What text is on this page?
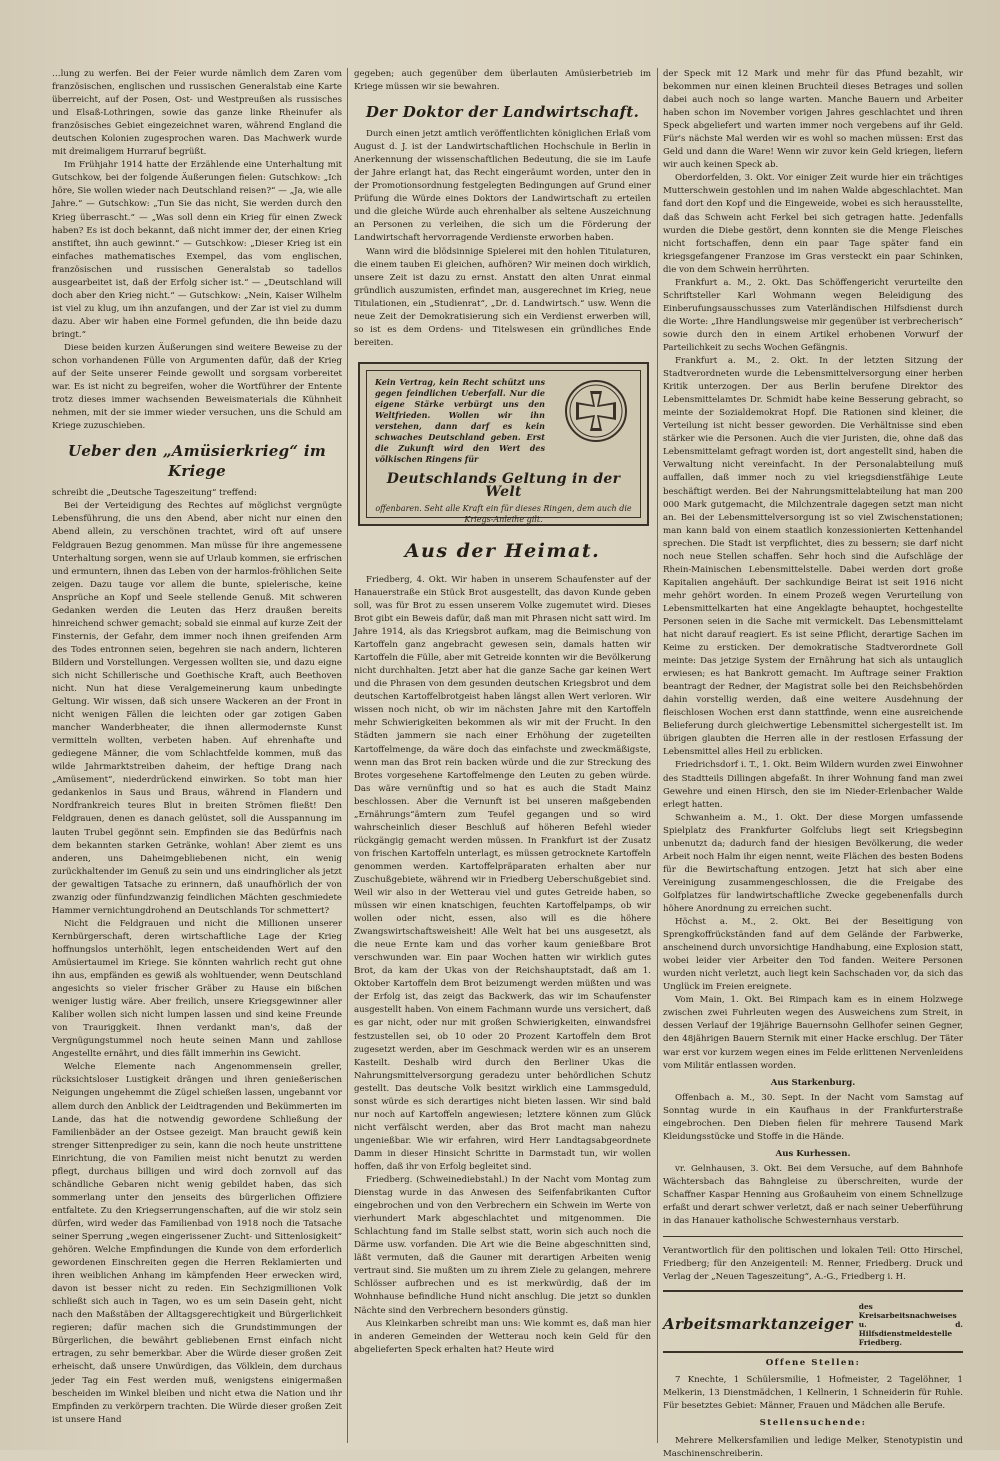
…lung zu werfen. Bei der Feier wurde nämlich dem Zaren vom französischen, englischen und russischen Generalstab eine Karte überreicht, auf der Posen, Ost- und Westpreußen als russisches und Elsaß-Lothringen, sowie das ganze linke Rheinufer als französisches Gebiet eingezeichnet waren, während England die deutschen Kolonien zugesprochen waren. Das Machwerk wurde mit dreimaligem Hurraruf begrüßt.

Im Frühjahr 1914 hatte der Erzählende eine Unterhaltung mit Gutschkow, bei der folgende Äußerungen fielen: Gutschkow: „Ich höre, Sie wollen wieder nach Deutschland reisen?“ — „Ja, wie alle Jahre.“ — Gutschkow: „Tun Sie das nicht, Sie werden durch den Krieg überrascht.“ — „Was soll denn ein Krieg für einen Zweck haben? Es ist doch bekannt, daß nicht immer der, der einen Krieg anstiftet, ihn auch gewinnt.“ — Gutschkow: „Dieser Krieg ist ein einfaches mathematisches Exempel, das vom englischen, französischen und russischen Generalstab so tadellos ausgearbeitet ist, daß der Erfolg sicher ist.“ — „Deutschland will doch aber den Krieg nicht.“ — Gutschkow: „Nein, Kaiser Wilhelm ist viel zu klug, um ihn anzufangen, und der Zar ist viel zu dumm dazu. Aber wir haben eine Formel gefunden, die ihn beide dazu bringt.“

Diese beiden kurzen Äußerungen sind weitere Beweise zu der schon vorhandenen Fülle von Argumenten dafür, daß der Krieg auf der Seite unserer Feinde gewollt und sorgsam vorbereitet war. Es ist nicht zu begreifen, woher die Wortführer der Entente trotz dieses immer wachsenden Beweismaterials die Kühnheit nehmen, mit der sie immer wieder versuchen, uns die Schuld am Kriege zuzuschieben.

Ueber den „Amüsierkrieg“ im Kriege

schreibt die „Deutsche Tageszeitung“ treffend:

Bei der Verteidigung des Rechtes auf möglichst vergnügte Lebensführung, die uns den Abend, aber nicht nur einen den Abend allein, zu verschönen trachtet, wird oft auf unsere Feldgrauen Bezug genommen. Man müsse für ihre angemessene Unterhaltung sorgen, wenn sie auf Urlaub kommen, sie erfrischen und ermuntern, ihnen das Leben von der harmlos-fröhlichen Seite zeigen. Dazu tauge vor allem die bunte, spielerische, keine Ansprüche an Kopf und Seele stellende Genuß. Mit schweren Gedanken werden die Leuten das Herz draußen bereits hinreichend schwer gemacht; sobald sie einmal auf kurze Zeit der Finsternis, der Gefahr, dem immer noch ihnen greifenden Arm des Todes entronnen seien, begehren sie nach andern, lichteren Bildern und Vorstellungen. Vergessen wollten sie, und dazu eigne sich nicht Schillerische und Goethische Kraft, auch Beethoven nicht. Nun hat diese Veralgemeinerung kaum unbedingte Geltung. Wir wissen, daß sich unsere Wackeren an der Front in nicht wenigen Fällen die leichten oder gar zotigen Gaben mancher Wanderbheater, die ihnen allermodernste Kunst vermitteln wollten, verbeten haben. Auf ehrenhafte und gediegene Männer, die vom Schlachtfelde kommen, muß das wilde Jahrmarktstreiben daheim, der heftige Drang nach „Amüsement“, niederdrückend einwirken. So tobt man hier gedankenlos in Saus und Braus, während in Flandern und Nordfrankreich teures Blut in breiten Strömen fließt! Den Feldgrauen, denen es danach gelüstet, soll die Ausspannung im lauten Trubel gegönnt sein. Empfinden sie das Bedürfnis nach dem bekannten starken Getränke, wohlan! Aber ziemt es uns anderen, uns Daheimgebliebenen nicht, ein wenig zurückhaltender im Genuß zu sein und uns eindringlicher als jetzt der gewaltigen Tatsache zu erinnern, daß unaufhörlich der von zwanzig oder fünfundzwanzig feindlichen Mächten geschmiedete Hammer vernichtungdrohend an Deutschlands Tor schmettert?

Nicht die Feldgrauen und nicht die Millionen unserer Kernbürgerschaft, deren wirtschaftliche Lage der Krieg hoffnungslos unterhöhlt, legen entscheidenden Wert auf den Amüsiertaumel im Kriege. Sie könnten wahrlich recht gut ohne ihn aus, empfänden es gewiß als wohltuender, wenn Deutschland angesichts so vieler frischer Gräber zu Hause ein bißchen weniger lustig wäre. Aber freilich, unsere Kriegsgewinner aller Kaliber wollen sich nicht lumpen lassen und sind keine Freunde von Trauriggkeit. Ihnen verdankt man's, daß der Vergnügungstummel noch heute seinen Mann und zahllose Angestellte ernährt, und dies fällt immerhin ins Gewicht.

Welche Elemente nach Angenommensein greller, rücksichtsloser Lustigkeit drängen und ihren genießerischen Neigungen ungehemmt die Zügel schießen lassen, ungebannt vor allem durch den Anblick der Leidtragenden und Bekümmerten im Lande, das hat die notwendig gewordene Schließung der Familienbäder an der Ostsee gezeigt. Man braucht gewiß kein strenger Sittenprediger zu sein, kann die noch heute unstrittene Einrichtung, die von Familien meist nicht benutzt zu werden pflegt, durchaus billigen und wird doch zornvoll auf das schändliche Gebaren nicht wenig gebildet haben, das sich sommerlang unter den jenseits des bürgerlichen Offiziere entfaltete. Zu den Kriegserrungenschaften, auf die wir stolz sein dürfen, wird weder das Familienbad von 1918 noch die Tatsache seiner Sperrung „wegen eingerissener Zucht- und Sittenlosigkeit“ gehören. Welche Empfindungen die Kunde von dem erforderlich gewordenen Einschreiten gegen die Herren Reklamierten und ihren weiblichen Anhang im kämpfenden Heer erwecken wird, davon ist besser nicht zu reden. Ein Sechzigmillionen Volk schließt sich auch in Tagen, wo es um sein Dasein geht, nicht nach den Maßstäben der Alltagsgerechtigkeit und Bürgerlichkeit regieren; dafür machen sich die Grundstimmungen der Bürgerlichen, die bewährt gebliebenen Ernst einfach nicht ertragen, zu sehr bemerkbar. Aber die Würde dieser großen Zeit erheischt, daß unsere Unwürdigen, das Völklein, dem durchaus jeder Tag ein Fest werden muß, wenigstens einigermaßen bescheiden im Winkel bleiben und nicht etwa die Nation und ihr Empfinden zu verkörpern trachten. Die Würde dieser großen Zeit ist unsere Hand

gegeben; auch gegenüber dem überlauten Amüsierbetrieb im Kriege müssen wir sie bewahren.

Der Doktor der Landwirtschaft.

Durch einen jetzt amtlich veröffentlichten königlichen Erlaß vom August d. J. ist der Landwirtschaftlichen Hochschule in Berlin in Anerkennung der wissenschaftlichen Bedeutung, die sie im Laufe der Jahre erlangt hat, das Recht eingeräumt worden, unter den in der Promotionsordnung festgelegten Bedingungen auf Grund einer Prüfung die Würde eines Doktors der Landwirtschaft zu erteilen und die gleiche Würde auch ehrenhalber als seltene Auszeichnung an Personen zu verleihen, die sich um die Förderung der Landwirtschaft hervorragende Verdienste erworben haben.

Wann wird die blödsinnige Spielerei mit den hohlen Titulaturen, die einem tauben Ei gleichen, aufhören? Wir meinen doch wirklich, unsere Zeit ist dazu zu ernst. Anstatt den alten Unrat einmal gründlich auszumisten, erfindet man, ausgerechnet im Krieg, neue Titulationen, ein „Studienrat“, „Dr. d. Landwirtsch.“ usw. Wenn die neue Zeit der Demokratisierung sich ein Verdienst erwerben will, so ist es dem Ordens- und Titelswesen ein gründliches Ende bereiten.

Kein Vertrag, kein Recht schützt uns gegen feindlichen Ueberfall. Nur die eigene Stärke verbürgt uns den Weltfrieden. Wollen wir ihn verstehen, dann darf es kein schwaches Deutschland geben. Erst die Zukunft wird den Wert des völkischen Ringens für
Deutschlands Geltung in der Welt
offenbaren. Seht alle Kraft ein für dieses Ringen, dem auch die Kriegs-Anleihe gilt.
Aus der Heimat.

Friedberg, 4. Okt. Wir haben in unserem Schaufenster auf der Hanauerstraße ein Stück Brot ausgestellt, das davon Kunde geben soll, was für Brot zu essen unserem Volke zugemutet wird. Dieses Brot gibt ein Beweis dafür, daß man mit Phrasen nicht satt wird. Im Jahre 1914, als das Kriegsbrot aufkam, mag die Beimischung von Kartoffeln ganz angebracht gewesen sein, damals hatten wir Kartoffeln die Fülle, aber mit Getreide konnten wir die Bevölkerung nicht durchhalten. Jetzt aber hat die ganze Sache gar keinen Wert und die Phrasen von dem gesunden deutschen Kriegsbrot und dem deutschen Kartoffelbrotgeist haben längst allen Wert verloren. Wir wissen noch nicht, ob wir im nächsten Jahre mit den Kartoffeln mehr Schwierigkeiten bekommen als wir mit der Frucht. In den Städten jammern sie nach einer Erhöhung der zugeteilten Kartoffelmenge, da wäre doch das einfachste und zweckmäßigste, wenn man das Brot rein backen würde und die zur Streckung des Brotes vorgesehene Kartoffelmenge den Leuten zu geben würde. Das wäre vernünftig und so hat es auch die Stadt Mainz beschlossen. Aber die Vernunft ist bei unseren maßgebenden „Ernährungs“ämtern zum Teufel gegangen und so wird wahrscheinlich dieser Beschluß auf höheren Befehl wieder rückgängig gemacht werden müssen. In Frankfurt ist der Zusatz von frischen Kartoffeln unterlagt, es müssen getrocknete Kartoffeln genommen werden. Kartoffelpräparaten erhalten aber nur Zuschußgebiete, während wir in Friedberg Ueberschußgebiet sind. Weil wir also in der Wetterau viel und gutes Getreide haben, so müssen wir einen knatschigen, feuchten Kartoffelpamps, ob wir wollen oder nicht, essen, also will es die höhere Zwangswirtschaftsweisheit! Alle Welt hat bei uns ausgesetzt, als die neue Ernte kam und das vorher kaum genießbare Brot verschwunden war. Ein paar Wochen hatten wir wirklich gutes Brot, da kam der Ukas von der Reichshauptstadt, daß am 1. Oktober Kartoffeln dem Brot beizumengt werden müßten und was der Erfolg ist, das zeigt das Backwerk, das wir im Schaufenster ausgestellt haben. Von einem Fachmann wurde uns versichert, daß es gar nicht, oder nur mit großen Schwierigkeiten, einwandsfrei festzustellen sei, ob 10 oder 20 Prozent Kartoffeln dem Brot zugesetzt werden, aber im Geschmack werden wir es an unserem Kasteilt. Deshalb wird durch den Berliner Ukas die Nahrungsmittelversorgung geradezu unter behördlichen Schutz gestellt. Das deutsche Volk besitzt wirklich eine Lammsgeduld, sonst würde es sich derartiges nicht bieten lassen. Wir sind bald nur noch auf Kartoffeln angewiesen; letztere können zum Glück nicht verfälscht werden, aber das Brot macht man nahezu ungenießbar. Wie wir erfahren, wird Herr Landtagsabgeordnete Damm in dieser Hinsicht Schritte in Darmstadt tun, wir wollen hoffen, daß ihr von Erfolg begleitet sind.

Friedberg. (Schweinediebstahl.) In der Nacht vom Montag zum Dienstag wurde in das Anwesen des Seifenfabrikanten Cuftor eingebrochen und von den Verbrechern ein Schwein im Werte von vierhundert Mark abgeschlachtet und mitgenommen. Die Schlachtung fand im Stalle selbst statt, worin sich auch noch die Därme usw. vorfanden. Die Art wie die Beine abgeschnitten sind, läßt vermuten, daß die Gauner mit derartigen Arbeiten wenig vertraut sind. Sie mußten um zu ihrem Ziele zu gelangen, mehrere Schlösser aufbrechen und es ist merkwürdig, daß der im Wohnhause befindliche Hund nicht anschlug. Die jetzt so dunklen Nächte sind den Verbrechern besonders günstig.

Aus Kleinkarben schreibt man uns: Wie kommt es, daß man hier in anderen Gemeinden der Wetterau noch kein Geld für den abgelieferten Speck erhalten hat? Heute wird

der Speck mit 12 Mark und mehr für das Pfund bezahlt, wir bekommen nur einen kleinen Bruchteil dieses Betrages und sollen dabei auch noch so lange warten. Manche Bauern und Arbeiter haben schon im November vorigen Jahres geschlachtet und ihren Speck abgeliefert und warten immer noch vergebens auf ihr Geld. Für's nächste Mal werden wir es wohl so machen müssen: Erst das Geld und dann die Ware! Wenn wir zuvor kein Geld kriegen, liefern wir auch keinen Speck ab.

Oberdorfelden, 3. Okt. Vor einiger Zeit wurde hier ein trächtiges Mutterschwein gestohlen und im nahen Walde abgeschlachtet. Man fand dort den Kopf und die Eingeweide, wobei es sich herausstellte, daß das Schwein acht Ferkel bei sich getragen hatte. Jedenfalls wurden die Diebe gestört, denn konnten sie die Menge Fleisches nicht fortschaffen, denn ein paar Tage später fand ein kriegsgefangener Franzose im Gras versteckt ein paar Schinken, die von dem Schwein herrührten.

Frankfurt a. M., 2. Okt. Das Schöffengericht verurteilte den Schriftsteller Karl Wohmann wegen Beleidigung des Einberufungsausschusses zum Vaterländischen Hilfsdienst durch die Worte: „Ihre Handlungsweise mir gegenüber ist verbrecherisch“ sowie durch den in einem Artikel erhobenen Vorwurf der Parteilichkeit zu sechs Wochen Gefängnis.

Frankfurt a. M., 2. Okt. In der letzten Sitzung der Stadtverordneten wurde die Lebensmittelversorgung einer herben Kritik unterzogen. Der aus Berlin berufene Direktor des Lebensmittelamtes Dr. Schmidt habe keine Besserung gebracht, so meinte der Sozialdemokrat Hopf. Die Rationen sind kleiner, die Verteilung ist nicht besser geworden. Die Verhältnisse sind eben stärker wie die Personen. Auch die vier Juristen, die, ohne daß das Lebensmittelamt gefragt worden ist, dort angestellt sind, haben die Verwaltung nicht vereinfacht. In der Personalabteilung muß auffallen, daß immer noch zu viel kriegsdienstfähige Leute beschäftigt werden. Bei der Nahrungsmittelabteilung hat man 200 000 Mark gutgemacht, die Milchzentrale dagegen setzt man nicht an. Bei der Lebensmittelversorgung ist so viel Zwischenstationen; man kann bald von einem staatlich konzessionierten Kettenhandel sprechen. Die Stadt ist verpflichtet, dies zu bessern; sie darf nicht noch neue Stellen schaffen. Sehr hoch sind die Aufschläge der Rhein-Mainischen Lebensmittelstelle. Dabei werden dort große Kapitalien angehäuft. Der sachkundige Beirat ist seit 1916 nicht mehr gehört worden. In einem Prozeß wegen Verurteilung von Lebensmittelkarten hat eine Angeklagte behauptet, hochgestellte Personen seien in die Sache mit vermickelt. Das Lebensmittelamt hat nicht darauf reagiert. Es ist seine Pflicht, derartige Sachen im Keime zu ersticken. Der demokratische Stadtverordnete Goll meinte: Das jetzige System der Ernährung hat sich als untauglich erwiesen; es hat Bankrott gemacht. Im Auftrage seiner Fraktion beantragt der Redner, der Magistrat solle bei den Reichsbehörden dahin vorstellig werden, daß eine weitere Ausdehnung der fleischlosen Wochen erst dann stattfinde, wenn eine ausreichende Belieferung durch gleichwertige Lebensmittel sichergestellt ist. Im übrigen glaubten die Herren alle in der restlosen Erfassung der Lebensmittel alles Heil zu erblicken.

Friedrichsdorf i. T., 1. Okt. Beim Wildern wurden zwei Einwohner des Stadtteils Dillingen abgefaßt. In ihrer Wohnung fand man zwei Gewehre und einen Hirsch, den sie im Nieder-Erlenbacher Walde erlegt hatten.

Schwanheim a. M., 1. Okt. Der diese Morgen umfassende Spielplatz des Frankfurter Golfclubs liegt seit Kriegsbeginn unbenutzt da; dadurch fand der hiesigen Bevölkerung, die weder Arbeit noch Halm ihr eigen nennt, weite Flächen des besten Bodens für die Bewirtschaftung entzogen. Jetzt hat sich aber eine Vereinigung zusammengeschlossen, die die Freigabe des Golfplatzes für landwirtschaftliche Zwecke gegebenenfalls durch höhere Anordnung zu erreichen sucht.

Höchst a. M., 2. Okt. Bei der Beseitigung von Sprengkoffrückständen fand auf dem Gelände der Farbwerke, anscheinend durch unvorsichtige Handhabung, eine Explosion statt, wobei leider vier Arbeiter den Tod fanden. Weitere Personen wurden nicht verletzt, auch liegt kein Sachschaden vor, da sich das Unglück im Freien ereignete.

Vom Main, 1. Okt. Bei Rimpach kam es in einem Holzwege zwischen zwei Fuhrleuten wegen des Ausweichens zum Streit, in dessen Verlauf der 19jährige Bauernsohn Gellhofer seinen Gegner, den 48jährigen Bauern Sternik mit einer Hacke erschlug. Der Täter war erst vor kurzem wegen eines im Felde erlittenen Nervenleidens vom Militär entlassen worden.

Aus Starkenburg.

Offenbach a. M., 30. Sept. In der Nacht vom Samstag auf Sonntag wurde in ein Kaufhaus in der Frankfurterstraße eingebrochen. Den Dieben fielen für mehrere Tausend Mark Kleidungsstücke und Stoffe in die Hände.

Aus Kurhessen.

vr. Gelnhausen, 3. Okt. Bei dem Versuche, auf dem Bahnhofe Wächtersbach das Bahngleise zu überschreiten, wurde der Schaffner Kaspar Henning aus Großauheim von einem Schnellzuge erfaßt und derart schwer verletzt, daß er nach seiner Ueberführung in das Hanauer katholische Schwesternhaus verstarb.

Verantwortlich für den politischen und lokalen Teil: Otto Hirschel, Friedberg; für den Anzeigenteil: M. Renner, Friedberg. Druck und Verlag der „Neuen Tageszeitung“, A.-G., Friedberg i. H.

Arbeitsmarktanzeiger
des Kreisarbeitsnachweises u. d. Hilfsdienstmeldestelle Friedberg.
Offene Stellen:

7 Knechte, 1 Schülersmilie, 1 Hofmeister, 2 Tagelöhner, 1 Melkerin, 13 Dienstmädchen, 1 Kellnerin, 1 Schneiderin für Ruhle. Für besetztes Gebiet: Männer, Frauen und Mädchen alle Berufe.

Stellensuchende:

Mehrere Melkersfamilien und ledige Melker, Stenotypistin und Maschinenschreiberin.
